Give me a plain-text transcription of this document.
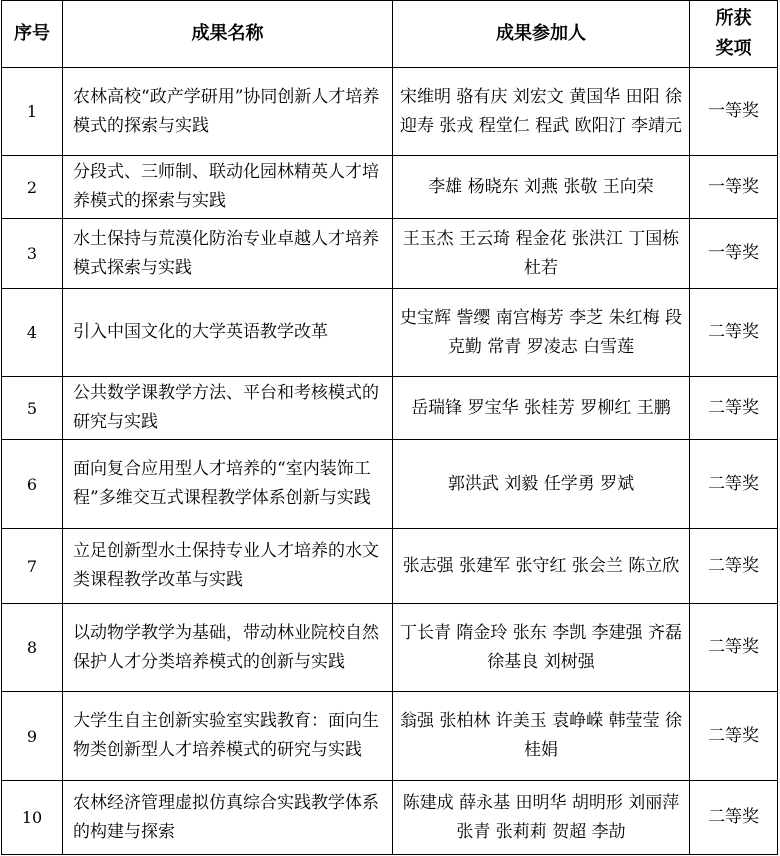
序号	成果名称	成果参加人	所获
奖项
1	农林高校“政产学研用”协同创新人才培养模式的探索与实践	宋维明 骆有庆 刘宏文 黄国华 田阳 徐迎寿 张戎 程堂仁 程武 欧阳汀 李靖元	一等奖
2	分段式、三师制、联动化园林精英人才培养模式的探索与实践	李雄 杨晓东 刘燕 张敬 王向荣	一等奖
3	水土保持与荒漠化防治专业卓越人才培养模式探索与实践	王玉杰 王云琦 程金花 张洪江 丁国栋 杜若	一等奖
4	引入中国文化的大学英语教学改革	史宝辉 訾缨 南宫梅芳 李芝 朱红梅 段克勤 常青 罗凌志 白雪莲	二等奖
5	公共数学课教学方法、平台和考核模式的研究与实践	岳瑞锋 罗宝华 张桂芳 罗柳红 王鹏	二等奖
6	面向复合应用型人才培养的“室内装饰工程”多维交互式课程教学体系创新与实践	郭洪武 刘毅 任学勇 罗斌	二等奖
7	立足创新型水土保持专业人才培养的水文类课程教学改革与实践	张志强 张建军 张守红 张会兰 陈立欣	二等奖
8	以动物学教学为基础，带动林业院校自然保护人才分类培养模式的创新与实践	丁长青 隋金玲 张东 李凯 李建强 齐磊 徐基良 刘树强	二等奖
9	大学生自主创新实验室实践教育：面向生物类创新型人才培养模式的研究与实践	翁强 张柏林 许美玉 袁峥嵘 韩莹莹 徐桂娟	二等奖
10	农林经济管理虚拟仿真综合实践教学体系的构建与探索	陈建成 薛永基 田明华 胡明形 刘丽萍 张青 张莉莉 贺超 李劼	二等奖
